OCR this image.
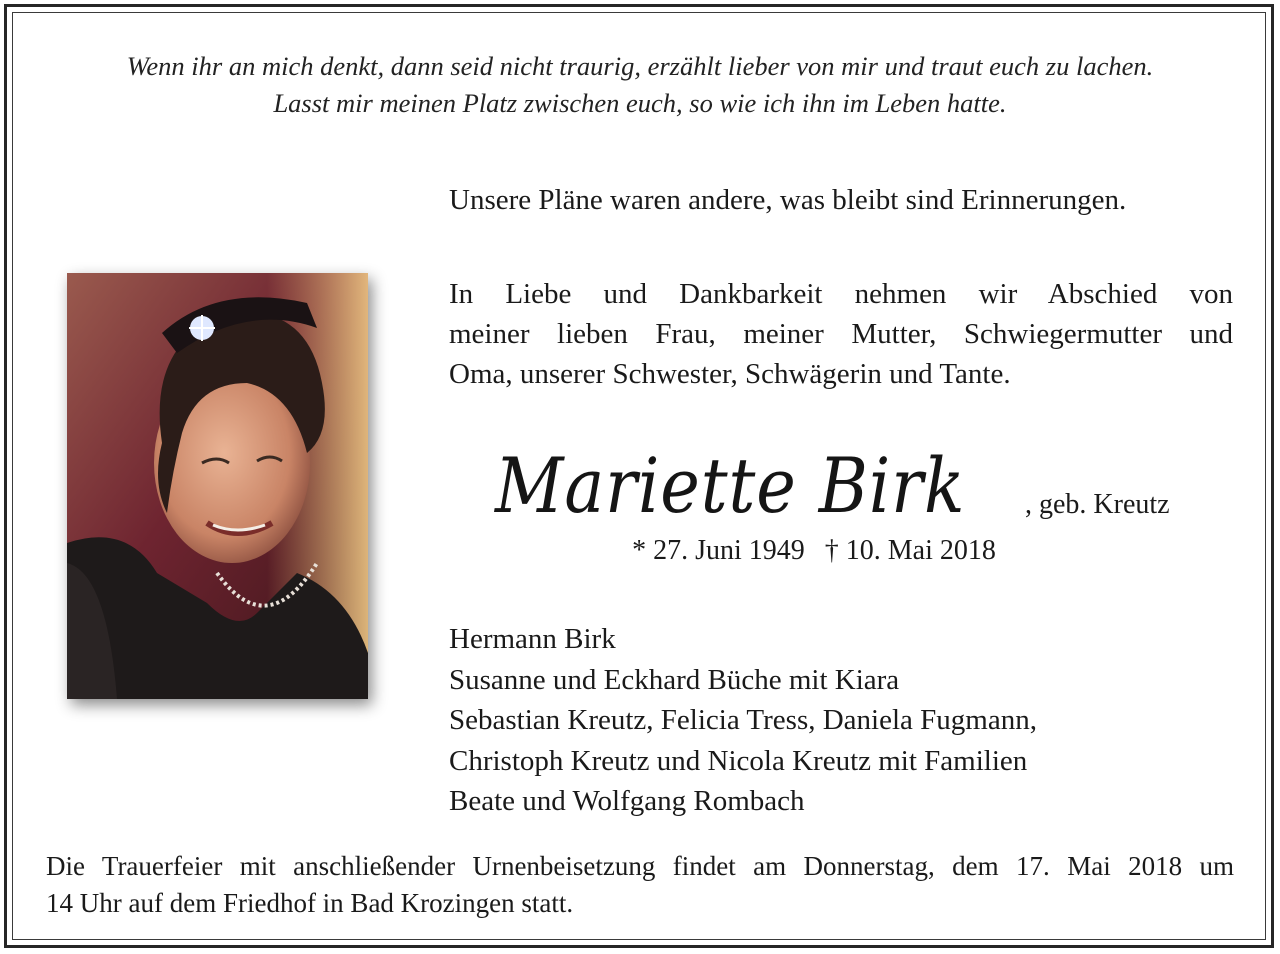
Wenn ihr an mich denkt, dann seid nicht traurig, erzählt lieber von mir und traut euch zu lachen.
Lasst mir meinen Platz zwischen euch, so wie ich ihn im Leben hatte.
Unsere Pläne waren andere, was bleibt sind Erinnerungen.
In Liebe und Dankbarkeit nehmen wir Abschied von
meiner lieben Frau, meiner Mutter, Schwiegermutter und
Oma, unserer Schwester, Schwägerin und Tante.
Mariette Birk , geb. Kreutz
* 27. Juni 1949 † 10. Mai 2018
Hermann Birk
Susanne und Eckhard Büche mit Kiara
Sebastian Kreutz, Felicia Tress, Daniela Fugmann,
Christoph Kreutz und Nicola Kreutz mit Familien
Beate und Wolfgang Rombach
Die Trauerfeier mit anschließender Urnenbeisetzung findet am Donnerstag, dem 17. Mai 2018 um
14 Uhr auf dem Friedhof in Bad Krozingen statt.
